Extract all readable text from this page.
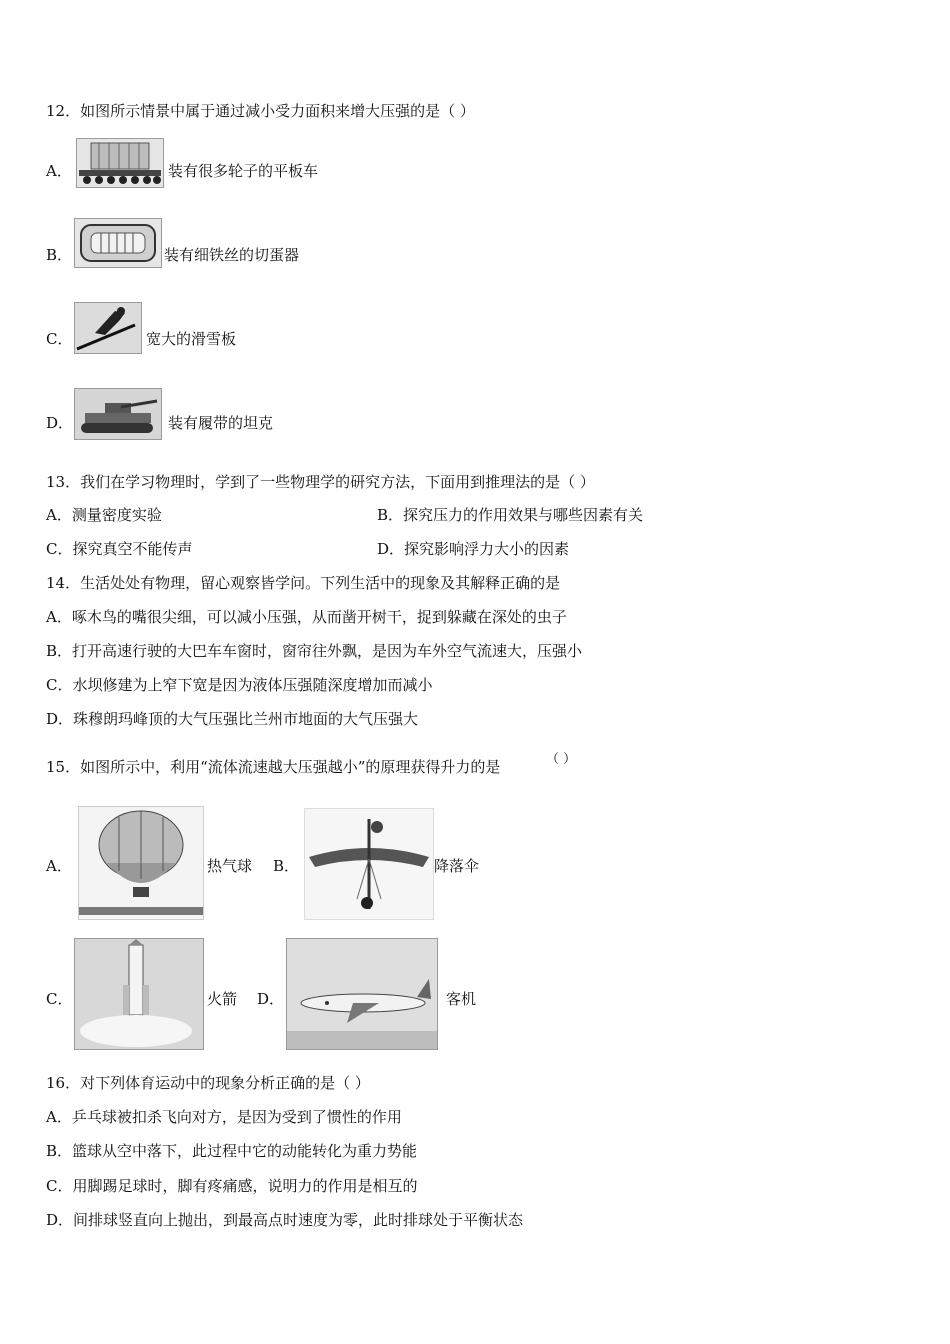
12．如图所示情景中属于通过减小受力面积来增大压强的是（ ）
A．	装有很多轮子的平板车
B．	装有细铁丝的切蛋器
C．	宽大的滑雪板
D．	装有履带的坦克
13．我们在学习物理时，学到了一些物理学的研究方法，下面用到推理法的是（ ）
A．测量密度实验	B．探究压力的作用效果与哪些因素有关
C．探究真空不能传声	D．探究影响浮力大小的因素
14．生活处处有物理，留心观察皆学问。下列生活中的现象及其解释正确的是
A．啄木鸟的嘴很尖细，可以减小压强，从而凿开树干，捉到躲藏在深处的虫子
B．打开高速行驶的大巴车车窗时，窗帘往外飘，是因为车外空气流速大，压强小
C．水坝修建为上窄下宽是因为液体压强随深度增加而减小
D．珠穆朗玛峰顶的大气压强比兰州市地面的大气压强大
15．如图所示中，利用“流体流速越大压强越小”的原理获得升力的是	（ ）
A．	热气球 B．	降落伞
C．	火箭 D．	客机
16．对下列体育运动中的现象分析正确的是（ ）
A．乒乓球被扣杀飞向对方，是因为受到了惯性的作用
B．篮球从空中落下，此过程中它的动能转化为重力势能
C．用脚踢足球时，脚有疼痛感，说明力的作用是相互的
D．间排球竖直向上抛出，到最高点时速度为零，此时排球处于平衡状态
